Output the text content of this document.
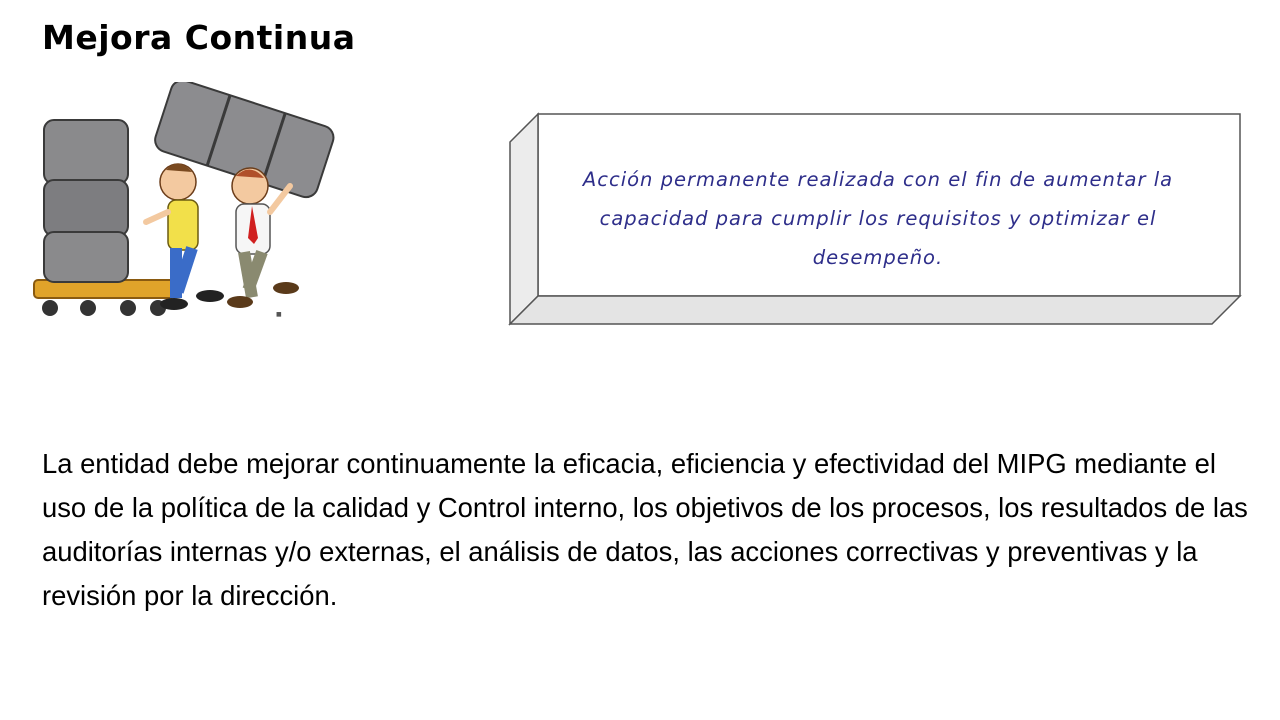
Mejora Continua
■

Acción permanente realizada con el fin de aumentar la capacidad para cumplir los requisitos y optimizar el desempeño.

La entidad debe mejorar continuamente la eficacia, eficiencia y efectividad del MIPG mediante el uso de la política de la calidad y Control interno, los objetivos de los procesos, los resultados de las auditorías internas y/o externas, el análisis de datos, las acciones correctivas y preventivas y la revisión por la dirección.
